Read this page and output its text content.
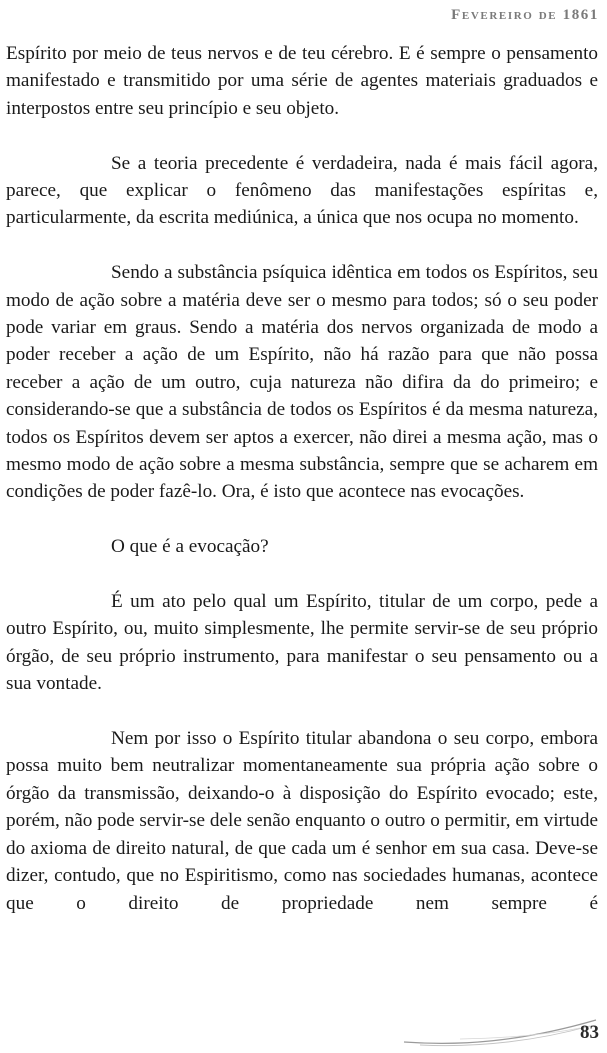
Fevereiro de 1861

Espírito por meio de teus nervos e de teu cérebro. E é sempre o pensamento manifestado e transmitido por uma série de agentes materiais graduados e interpostos entre seu princípio e seu objeto.

Se a teoria precedente é verdadeira, nada é mais fácil agora, parece, que explicar o fenômeno das manifestações espíritas e, particularmente, da escrita mediúnica, a única que nos ocupa no momento.

Sendo a substância psíquica idêntica em todos os Espíritos, seu modo de ação sobre a matéria deve ser o mesmo para todos; só o seu poder pode variar em graus. Sendo a matéria dos nervos organizada de modo a poder receber a ação de um Espírito, não há razão para que não possa receber a ação de um outro, cuja natureza não difira da do primeiro; e considerando-se que a substância de todos os Espíritos é da mesma natureza, todos os Espíritos devem ser aptos a exercer, não direi a mesma ação, mas o mesmo modo de ação sobre a mesma substância, sempre que se acharem em condições de poder fazê-lo. Ora, é isto que acontece nas evocações.

O que é a evocação?

É um ato pelo qual um Espírito, titular de um corpo, pede a outro Espírito, ou, muito simplesmente, lhe permite servir-se de seu próprio órgão, de seu próprio instrumento, para manifestar o seu pensamento ou a sua vontade.

Nem por isso o Espírito titular abandona o seu corpo, embora possa muito bem neutralizar momentaneamente sua própria ação sobre o órgão da transmissão, deixando-o à disposição do Espírito evocado; este, porém, não pode servir-se dele senão enquanto o outro o permitir, em virtude do axioma de direito natural, de que cada um é senhor em sua casa. Deve-se dizer, contudo, que no Espiritismo, como nas sociedades humanas, acontece que o direito de propriedade nem sempre é

83
